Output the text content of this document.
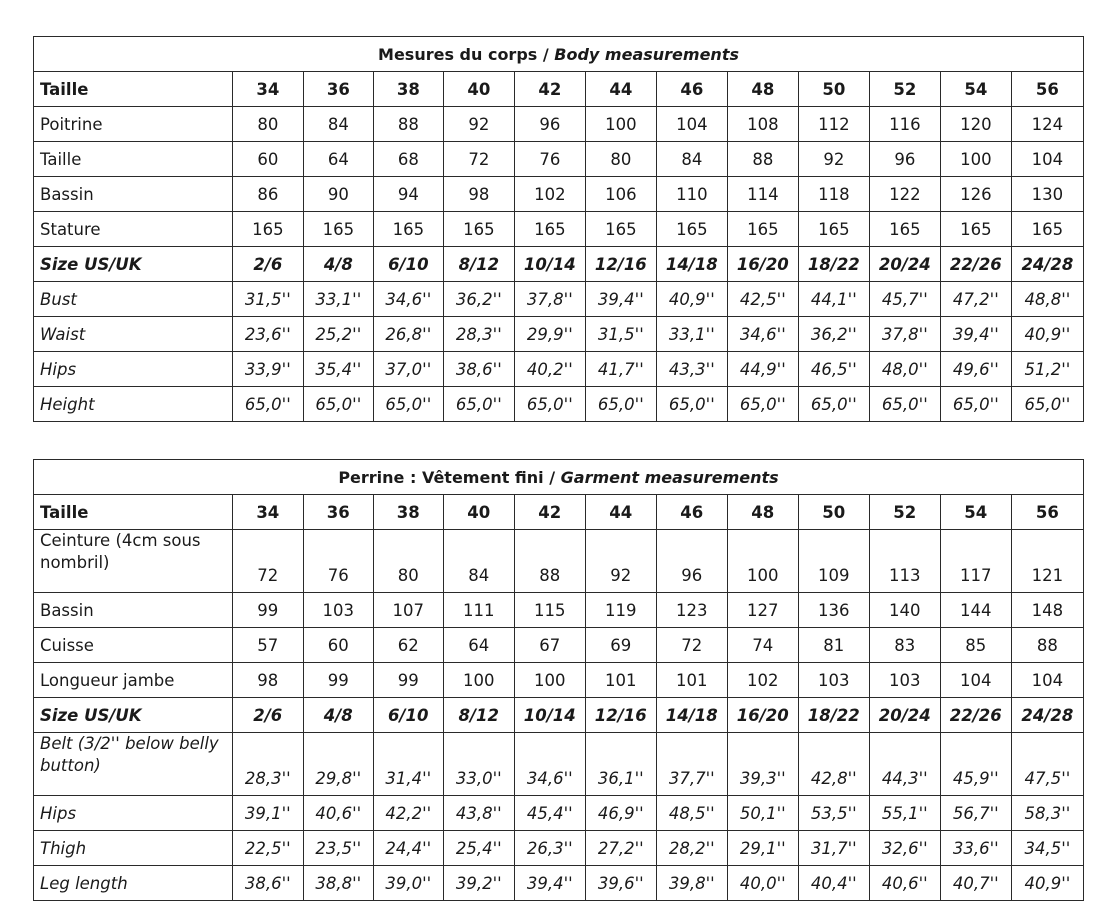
Mesures du corps / Body measurements												
Taille	34	36	38	40	42	44	46	48	50	52	54	56
Poitrine	80	84	88	92	96	100	104	108	112	116	120	124
Taille	60	64	68	72	76	80	84	88	92	96	100	104
Bassin	86	90	94	98	102	106	110	114	118	122	126	130
Stature	165	165	165	165	165	165	165	165	165	165	165	165
Size US/UK	2/6	4/8	6/10	8/12	10/14	12/16	14/18	16/20	18/22	20/24	22/26	24/28
Bust	31,5''	33,1''	34,6''	36,2''	37,8''	39,4''	40,9''	42,5''	44,1''	45,7''	47,2''	48,8''
Waist	23,6''	25,2''	26,8''	28,3''	29,9''	31,5''	33,1''	34,6''	36,2''	37,8''	39,4''	40,9''
Hips	33,9''	35,4''	37,0''	38,6''	40,2''	41,7''	43,3''	44,9''	46,5''	48,0''	49,6''	51,2''
Height	65,0''	65,0''	65,0''	65,0''	65,0''	65,0''	65,0''	65,0''	65,0''	65,0''	65,0''	65,0''
Perrine : Vêtement fini / Garment measurements												
Taille	34	36	38	40	42	44	46	48	50	52	54	56
Ceinture (4cm sous nombril)	72	76	80	84	88	92	96	100	109	113	117	121
Bassin	99	103	107	111	115	119	123	127	136	140	144	148
Cuisse	57	60	62	64	67	69	72	74	81	83	85	88
Longueur jambe	98	99	99	100	100	101	101	102	103	103	104	104
Size US/UK	2/6	4/8	6/10	8/12	10/14	12/16	14/18	16/20	18/22	20/24	22/26	24/28
Belt (3/2'' below belly button)	28,3''	29,8''	31,4''	33,0''	34,6''	36,1''	37,7''	39,3''	42,8''	44,3''	45,9''	47,5''
Hips	39,1''	40,6''	42,2''	43,8''	45,4''	46,9''	48,5''	50,1''	53,5''	55,1''	56,7''	58,3''
Thigh	22,5''	23,5''	24,4''	25,4''	26,3''	27,2''	28,2''	29,1''	31,7''	32,6''	33,6''	34,5''
Leg length	38,6''	38,8''	39,0''	39,2''	39,4''	39,6''	39,8''	40,0''	40,4''	40,6''	40,7''	40,9''
